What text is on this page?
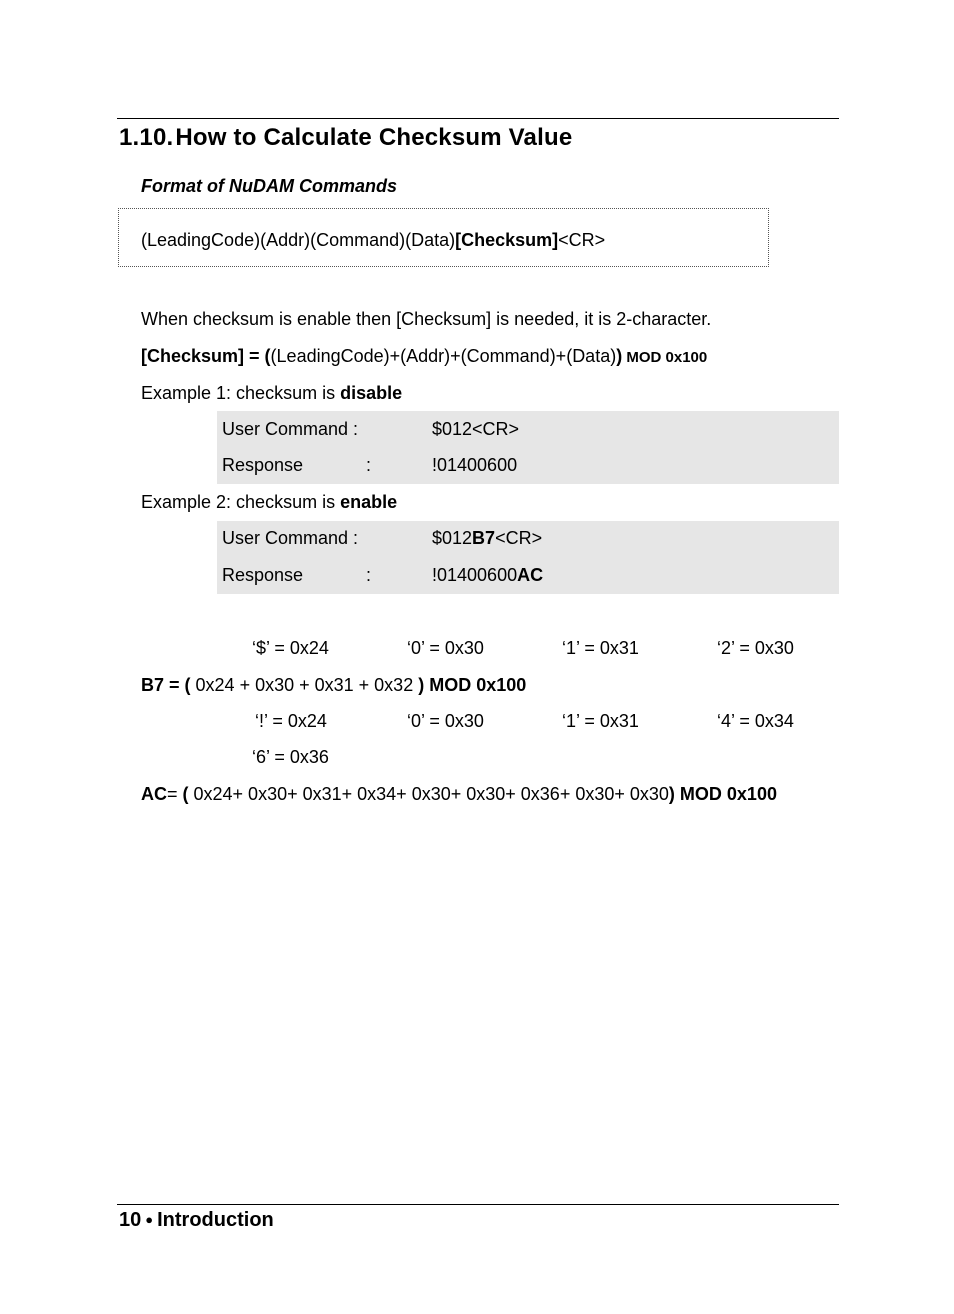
1.10.How to Calculate Checksum Value
Format of NuDAM Commands
(LeadingCode)(Addr)(Command)(Data)[Checksum]<CR>
When checksum is enable then [Checksum] is needed, it is 2-character.
[Checksum] = ((LeadingCode)+(Addr)+(Command)+(Data)) MOD 0x100
Example 1: checksum is disable
User Command :	$012<CR>
Response	:	!01400600
Example 2: checksum is enable
User Command :	$012B7<CR>
Response	:	!01400600AC
‘$’ = 0x24	‘0’ = 0x30	‘1’ = 0x31	‘2’ = 0x30
B7 = ( 0x24 + 0x30 + 0x31 + 0x32 ) MOD 0x100
‘!’ = 0x24	‘0’ = 0x30	‘1’ = 0x31	‘4’ = 0x34
‘6’ = 0x36
AC= ( 0x24+ 0x30+ 0x31+ 0x34+ 0x30+ 0x30+ 0x36+ 0x30+ 0x30) MOD 0x100
10 ● Introduction
